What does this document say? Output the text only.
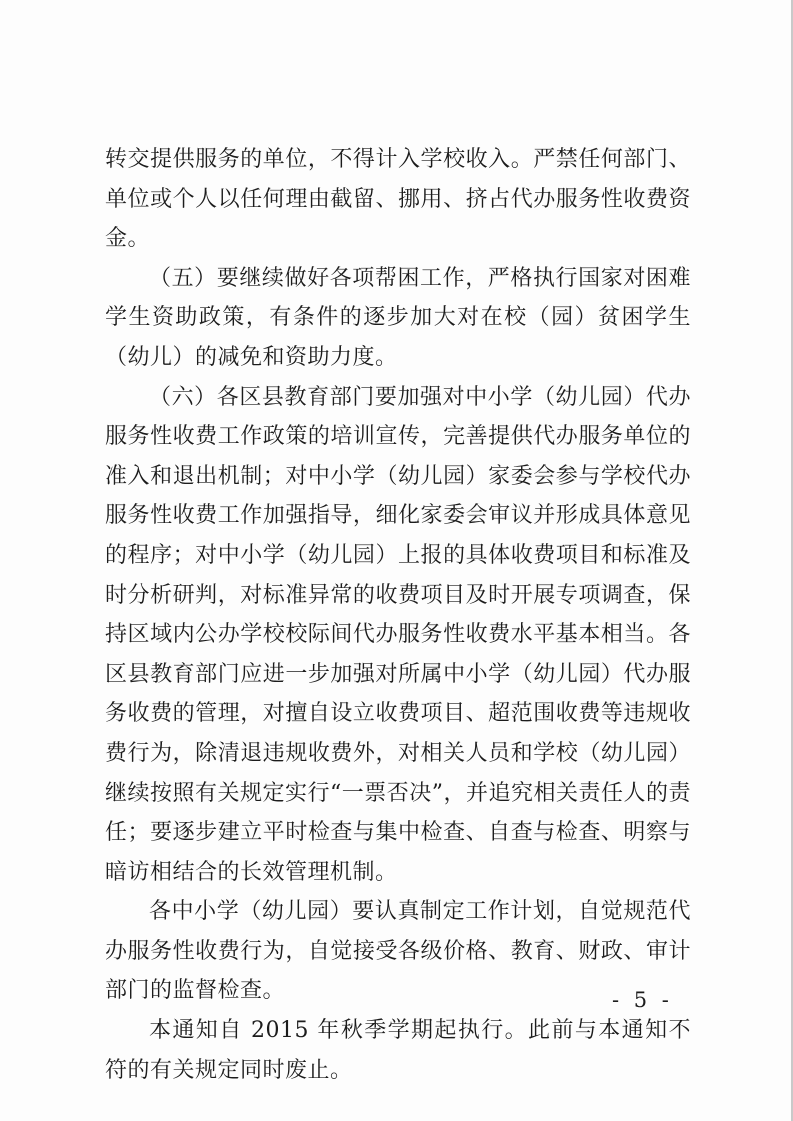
转交提供服务的单位，不得计入学校收入。严禁任何部门、单位或个人以任何理由截留、挪用、挤占代办服务性收费资金。

（五）要继续做好各项帮困工作，严格执行国家对困难学生资助政策，有条件的逐步加大对在校（园）贫困学生（幼儿）的减免和资助力度。

（六）各区县教育部门要加强对中小学（幼儿园）代办服务性收费工作政策的培训宣传，完善提供代办服务单位的准入和退出机制；对中小学（幼儿园）家委会参与学校代办服务性收费工作加强指导，细化家委会审议并形成具体意见的程序；对中小学（幼儿园）上报的具体收费项目和标准及时分析研判，对标准异常的收费项目及时开展专项调查，保持区域内公办学校校际间代办服务性收费水平基本相当。各区县教育部门应进一步加强对所属中小学（幼儿园）代办服务收费的管理，对擅自设立收费项目、超范围收费等违规收费行为，除清退违规收费外，对相关人员和学校（幼儿园）继续按照有关规定实行“一票否决”，并追究相关责任人的责任；要逐步建立平时检查与集中检查、自查与检查、明察与暗访相结合的长效管理机制。

各中小学（幼儿园）要认真制定工作计划，自觉规范代办服务性收费行为，自觉接受各级价格、教育、财政、审计部门的监督检查。

本通知自 2015 年秋季学期起执行。此前与本通知不符的有关规定同时废止。

- 5 -
